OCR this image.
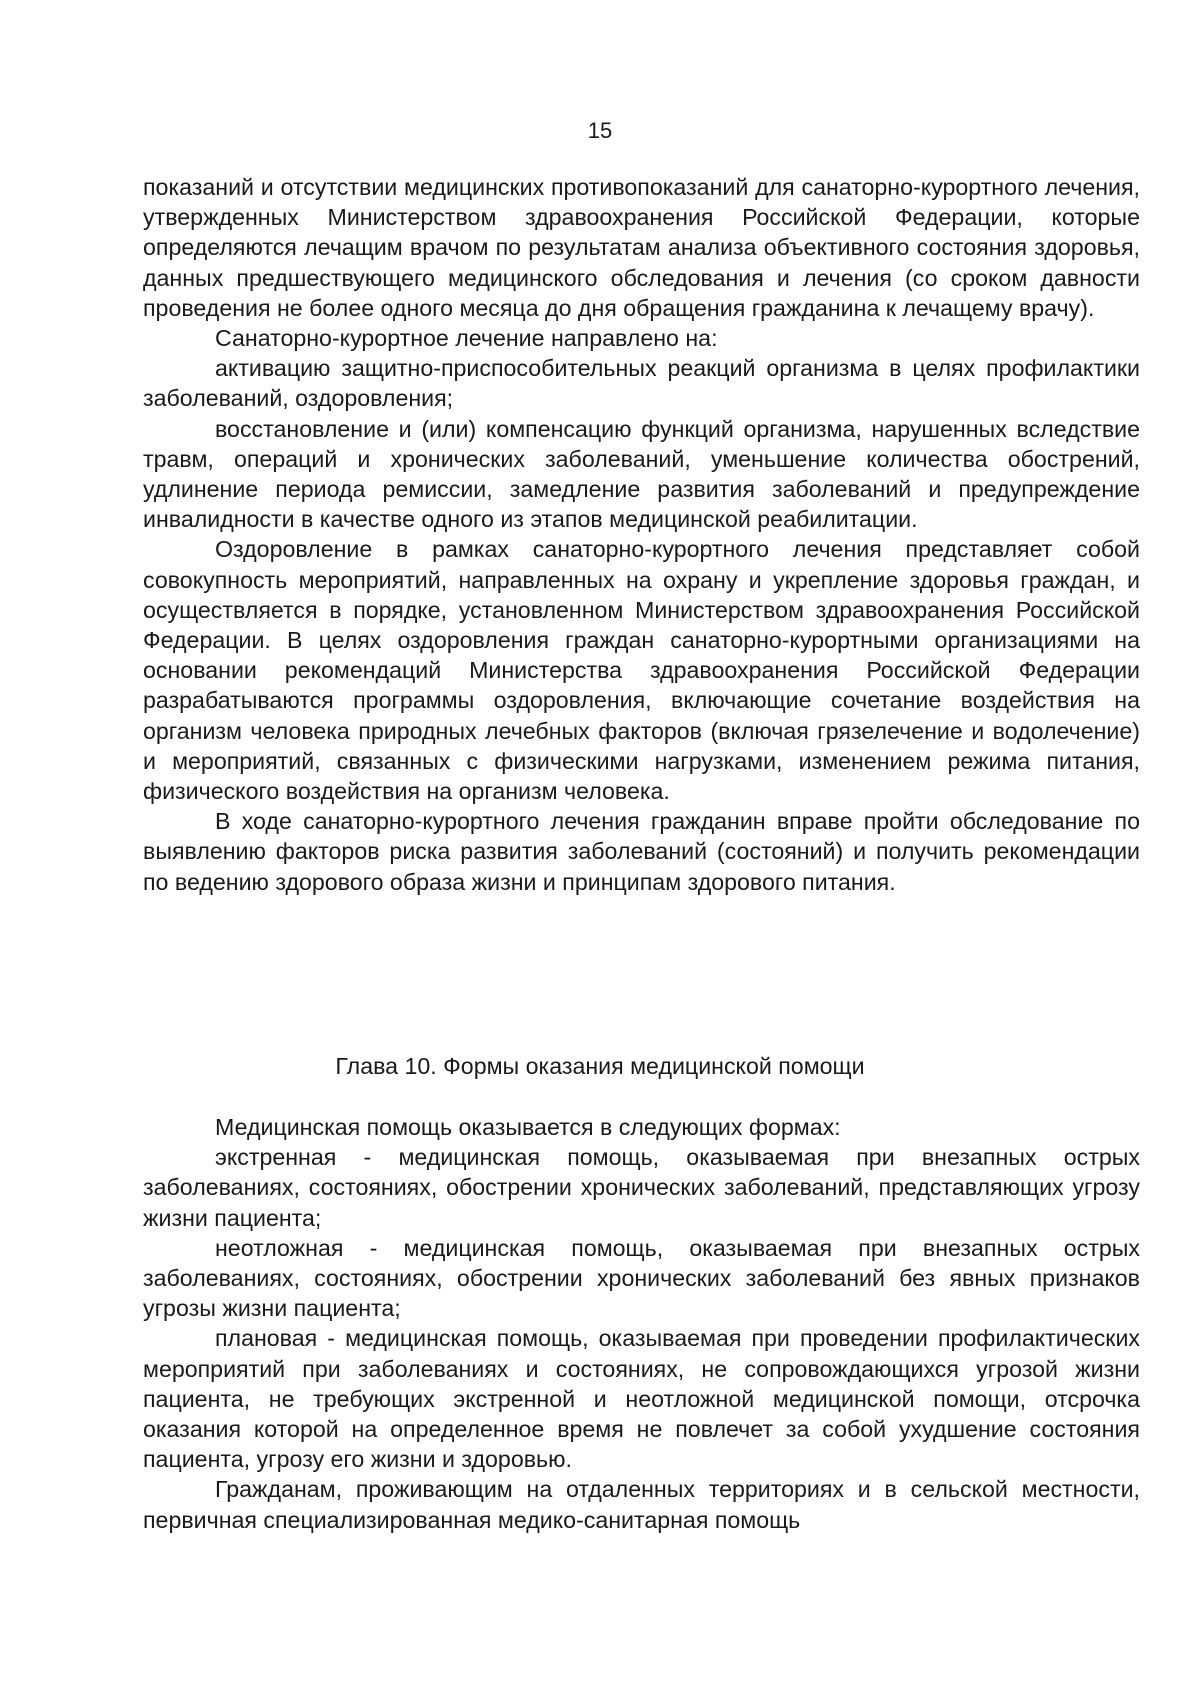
15

показаний и отсутствии медицинских противопоказаний для санаторно-курортного лечения, утвержденных Министерством здравоохранения Российской Федерации, которые определяются лечащим врачом по результатам анализа объективного состояния здоровья, данных предшествующего медицинского обследования и лечения (со сроком давности проведения не более одного месяца до дня обращения гражданина к лечащему врачу).

Санаторно-курортное лечение направлено на:

активацию защитно-приспособительных реакций организма в целях профилактики заболеваний, оздоровления;

восстановление и (или) компенсацию функций организма, нарушенных вследствие травм, операций и хронических заболеваний, уменьшение количества обострений, удлинение периода ремиссии, замедление развития заболеваний и предупреждение инвалидности в качестве одного из этапов медицинской реабилитации.

Оздоровление в рамках санаторно-курортного лечения представляет собой совокупность мероприятий, направленных на охрану и укрепление здоровья граждан, и осуществляется в порядке, установленном Министерством здравоохранения Российской Федерации. В целях оздоровления граждан санаторно-курортными организациями на основании рекомендаций Министерства здравоохранения Российской Федерации разрабатываются программы оздоровления, включающие сочетание воздействия на организм человека природных лечебных факторов (включая грязелечение и водолечение) и мероприятий, связанных с физическими нагрузками, изменением режима питания, физического воздействия на организм человека.

В ходе санаторно-курортного лечения гражданин вправе пройти обследование по выявлению факторов риска развития заболеваний (состояний) и получить рекомендации по ведению здорового образа жизни и принципам здорового питания.

Глава 10. Формы оказания медицинской помощи

Медицинская помощь оказывается в следующих формах:

экстренная - медицинская помощь, оказываемая при внезапных острых заболеваниях, состояниях, обострении хронических заболеваний, представляющих угрозу жизни пациента;

неотложная - медицинская помощь, оказываемая при внезапных острых заболеваниях, состояниях, обострении хронических заболеваний без явных признаков угрозы жизни пациента;

плановая - медицинская помощь, оказываемая при проведении профилактических мероприятий при заболеваниях и состояниях, не сопровождающихся угрозой жизни пациента, не требующих экстренной и неотложной медицинской помощи, отсрочка оказания которой на определенное время не повлечет за собой ухудшение состояния пациента, угрозу его жизни и здоровью.

Гражданам, проживающим на отдаленных территориях и в сельской местности, первичная специализированная медико-санитарная помощь
